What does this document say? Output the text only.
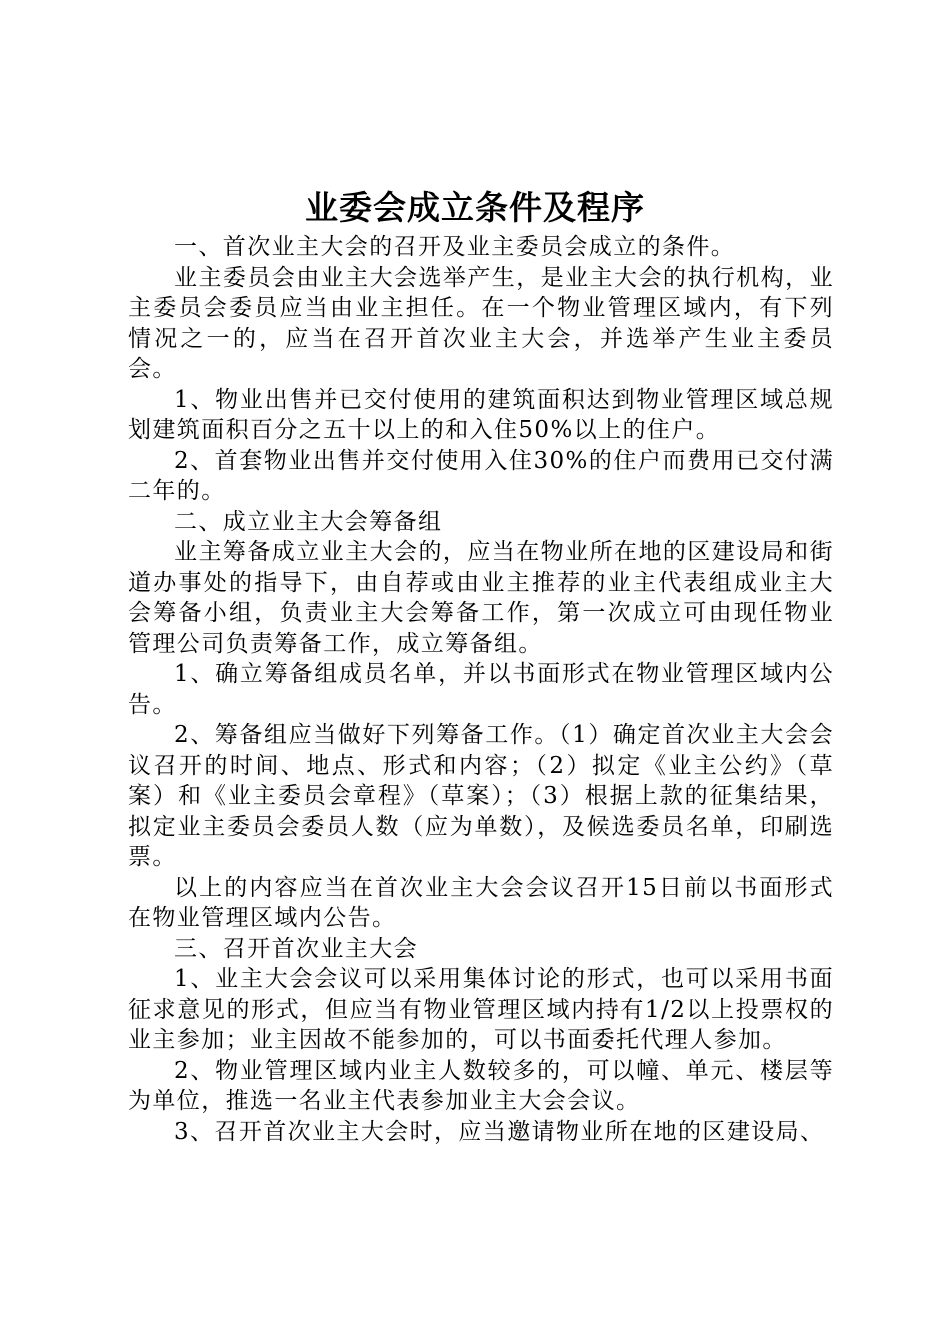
业委会成立条件及程序

一、首次业主大会的召开及业主委员会成立的条件。

业主委员会由业主大会选举产生，是业主大会的执行机构，业主委员会委员应当由业主担任。在一个物业管理区域内，有下列情况之一的，应当在召开首次业主大会，并选举产生业主委员会。

1、物业出售并已交付使用的建筑面积达到物业管理区域总规划建筑面积百分之五十以上的和入住50%以上的住户。

2、首套物业出售并交付使用入住30%的住户而费用已交付满二年的。

二、成立业主大会筹备组

业主筹备成立业主大会的，应当在物业所在地的区建设局和街道办事处的指导下，由自荐或由业主推荐的业主代表组成业主大会筹备小组，负责业主大会筹备工作，第一次成立可由现任物业管理公司负责筹备工作，成立筹备组。

1、确立筹备组成员名单，并以书面形式在物业管理区域内公告。

2、筹备组应当做好下列筹备工作。（1）确定首次业主大会会议召开的时间、地点、形式和内容；（2）拟定《业主公约》（草案）和《业主委员会章程》（草案）；（3）根据上款的征集结果，拟定业主委员会委员人数（应为单数），及候选委员名单，印刷选票。

以上的内容应当在首次业主大会会议召开15日前以书面形式在物业管理区域内公告。

三、召开首次业主大会

1、业主大会会议可以采用集体讨论的形式，也可以采用书面征求意见的形式，但应当有物业管理区域内持有1/2以上投票权的业主参加；业主因故不能参加的，可以书面委托代理人参加。

2、物业管理区域内业主人数较多的，可以幢、单元、楼层等为单位，推选一名业主代表参加业主大会会议。

3、召开首次业主大会时，应当邀请物业所在地的区建设局、
